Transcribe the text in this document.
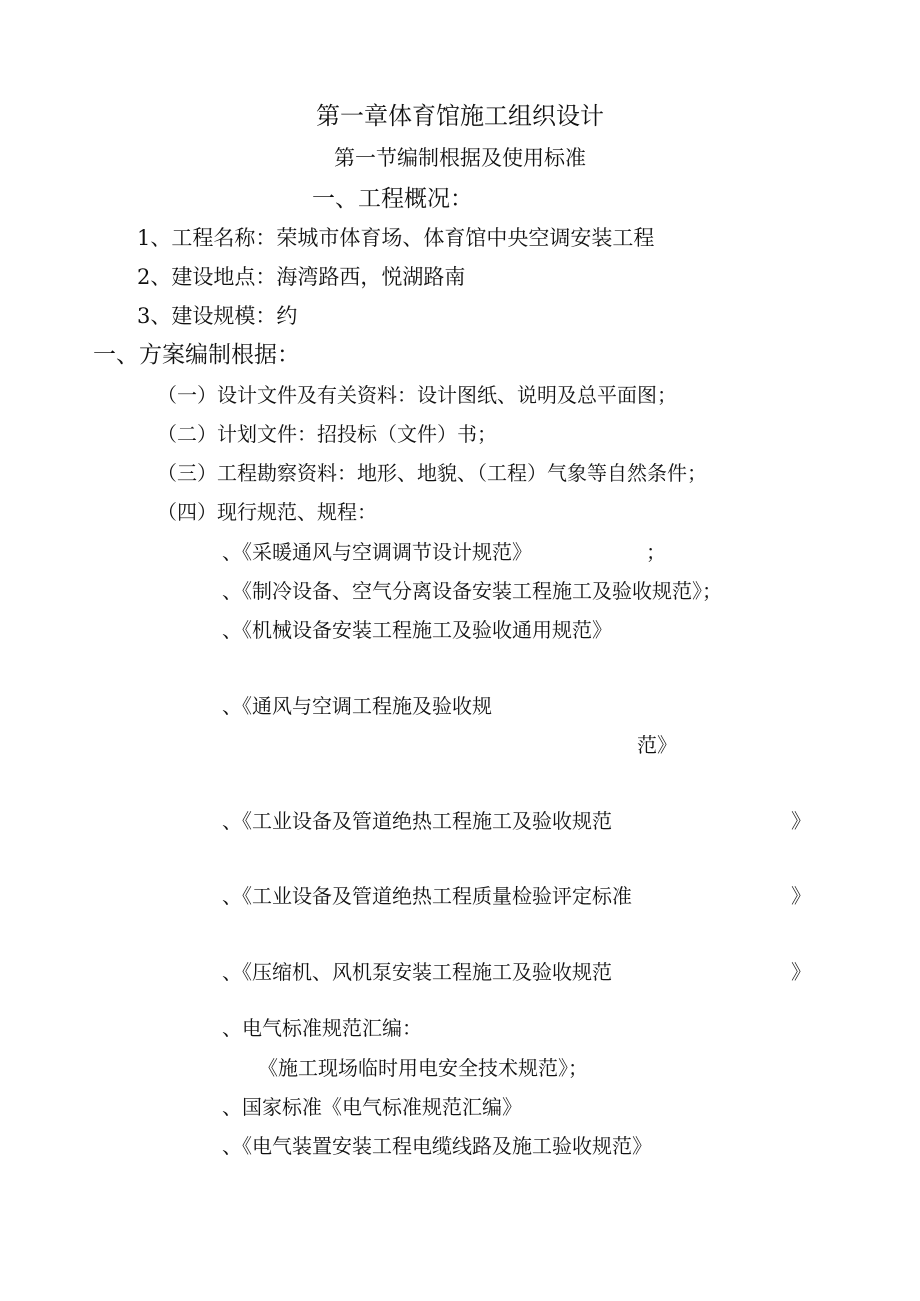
第一章体育馆施工组织设计
第一节编制根据及使用标准
一、工程概况：
1、工程名称：荣城市体育场、体育馆中央空调安装工程
2、建设地点：海湾路西，悦湖路南
3、建设规模：约
一、方案编制根据：
（一）设计文件及有关资料：设计图纸、说明及总平面图；
（二）计划文件：招投标（文件）书；
（三）工程勘察资料：地形、地貌、（工程）气象等自然条件；
（四）现行规范、规程：
、《采暖通风与空调调节设计规范》	；
、《制冷设备、空气分离设备安装工程施工及验收规范》；
、《机械设备安装工程施工及验收通用规范》
、《通风与空调工程施及验收规
范》
、《工业设备及管道绝热工程施工及验收规范	》
、《工业设备及管道绝热工程质量检验评定标准	》
、《压缩机、风机泵安装工程施工及验收规范	》
、电气标准规范汇编：
《施工现场临时用电安全技术规范》；
、国家标准《电气标准规范汇编》
、《电气装置安装工程电缆线路及施工验收规范》
